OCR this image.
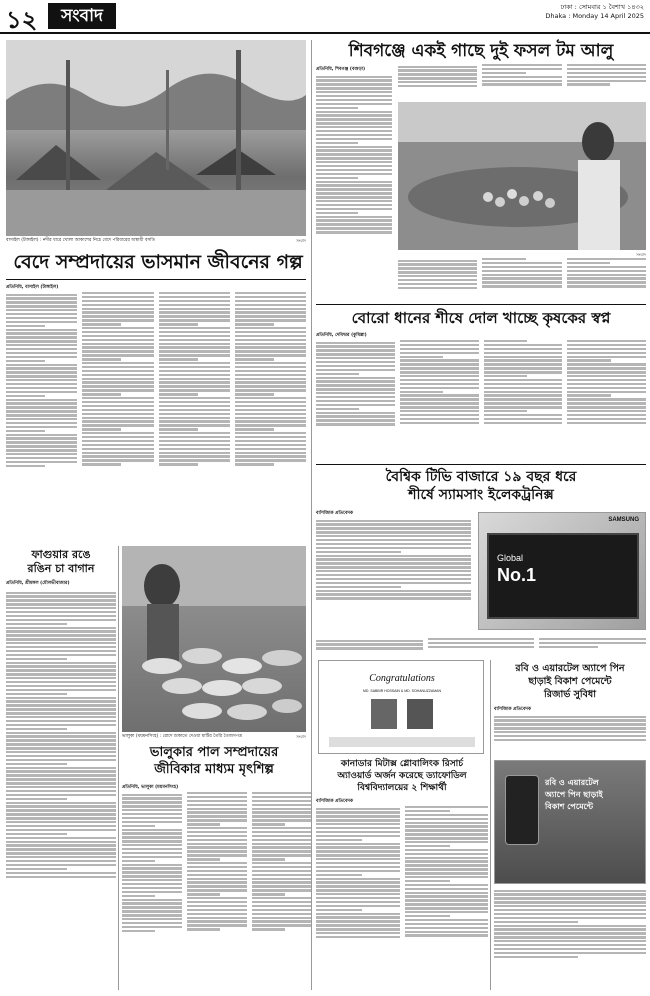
১২	সংবাদ	ঢাকা : সোমবার ১ বৈশাখ ১৪৩২
Dhaka : Monday 14 April 2025
বাসাইল (টাঙ্গাইল) : নদীর ধারে খোলা আকাশের নিচে বেদে পরিবারের অস্থায়ী বসতি	সংবাদ
বেদে সম্প্রদায়ের ভাসমান জীবনের গল্প
প্রতিনিধি, বাসাইল (টাঙ্গাইল)

শিবগঞ্জে একই গাছে দুই ফসল টম আলু
প্রতিনিধি, শিবগঞ্জ (বগুড়া)
সংবাদ
বোরো ধানের শীষে দোল খাচ্ছে কৃষকের স্বপ্ন
প্রতিনিধি, দেবিদ্বার (কুমিল্লা)
ফাগুয়ার রঙে
রঙিন চা বাগান
প্রতিনিধি, শ্রীমঙ্গল (মৌলভীবাজার)
ভালুকা (ময়মনসিংহ) : রোদে শুকাতে দেওয়া মাটির তৈরি তৈজসপত্র	সংবাদ
ভালুকার পাল সম্প্রদায়ের
জীবিকার মাধ্যম মৃৎশিল্প
প্রতিনিধি, ভালুকা (ময়মনসিংহ)
বৈশ্বিক টিভি বাজারে ১৯ বছর ধরে
শীর্ষে স্যামসাং ইলেকট্রনিক্স
বাণিজ্যিক প্রতিবেদক
SAMSUNG
Global
No.1
Congratulations
MD. SABBIR HOSSAIN & MD. SOHANUZZAMAN
কানাডার মিটাক্স গ্লোবালিংক রিসার্চ
অ্যাওয়ার্ড অর্জন করেছে ড্যাফোডিল
বিশ্ববিদ্যালয়ের ২ শিক্ষার্থী
বাণিজ্যিক প্রতিবেদক
রবি ও এয়ারটেল অ্যাপে পিন
ছাড়াই বিকাশ পেমেন্টে
রিজার্ভ সুবিধা
বাণিজ্যিক প্রতিবেদক
রবি ও এয়ারটেল
অ্যাপে পিন ছাড়াই
বিকাশ পেমেন্টে
